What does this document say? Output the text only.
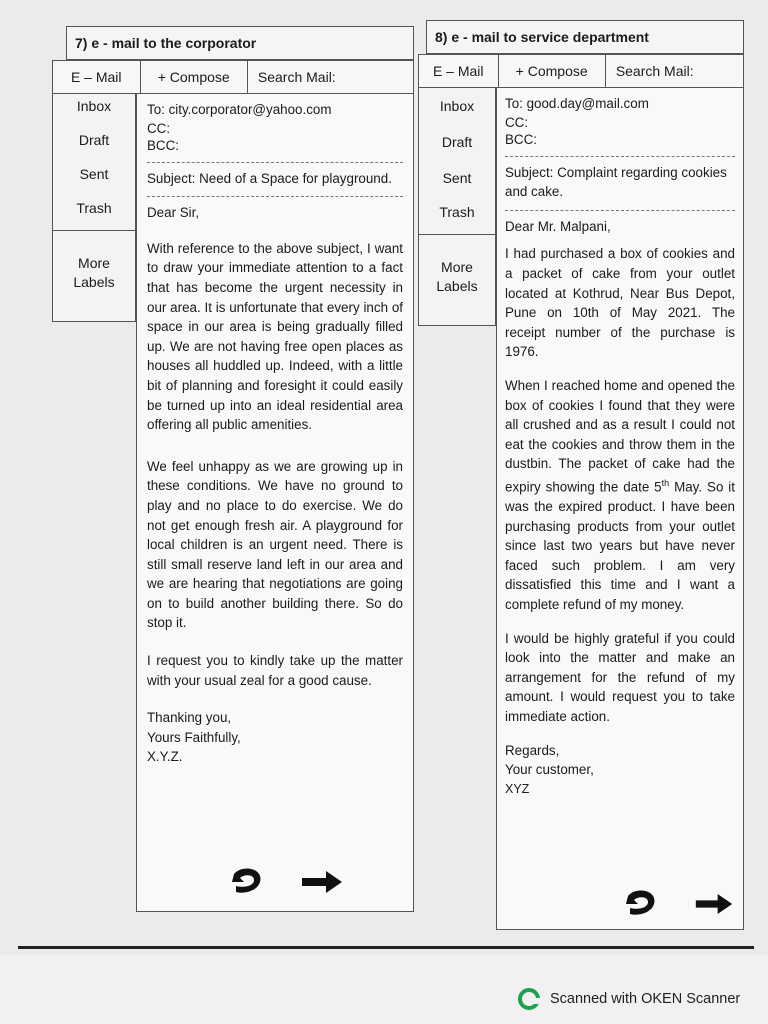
7) e - mail to the corporator
E – Mail	+ Compose	Search Mail:
Inbox
Draft
Sent
Trash
More
Labels

To: city.corporator@yahoo.com

CC:

BCC:

Subject: Need of a Space for playground.

Dear Sir,

With reference to the above subject, I want to draw your immediate attention to a fact that has become the urgent necessity in our area. It is unfortunate that every inch of space in our area is being gradually filled up. We are not having free open places as houses all huddled up. Indeed, with a little bit of planning and foresight it could easily be turned up into an ideal residential area offering all public amenities.

We feel unhappy as we are growing up in these conditions. We have no ground to play and no place to do exercise. We do not get enough fresh air. A playground for local children is an urgent need. There is still small reserve land left in our area and we are hearing that negotiations are going on to build another building there. So do stop it.

I request you to kindly take up the matter with your usual zeal for a good cause.

Thanking you,

Yours Faithfully,

X.Y.Z.

8) e - mail to service department
E – Mail	+ Compose	Search Mail:
Inbox
Draft
Sent
Trash
More
Labels

To: good.day@mail.com

CC:

BCC:

Subject: Complaint regarding cookies and cake.

Dear Mr. Malpani,

I had purchased a box of cookies and a packet of cake from your outlet located at Kothrud, Near Bus Depot, Pune on 10th of May 2021. The receipt number of the purchase is 1976.

When I reached home and opened the box of cookies I found that they were all crushed and as a result I could not eat the cookies and throw them in the dustbin. The packet of cake had the expiry showing the date 5th May. So it was the expired product. I have been purchasing products from your outlet since last two years but have never faced such problem. I am very dissatisfied this time and I want a complete refund of my money.

I would be highly grateful if you could look into the matter and make an arrangement for the refund of my amount. I would request you to take immediate action.

Regards,

Your customer,

XYZ

Scanned with OKEN Scanner
